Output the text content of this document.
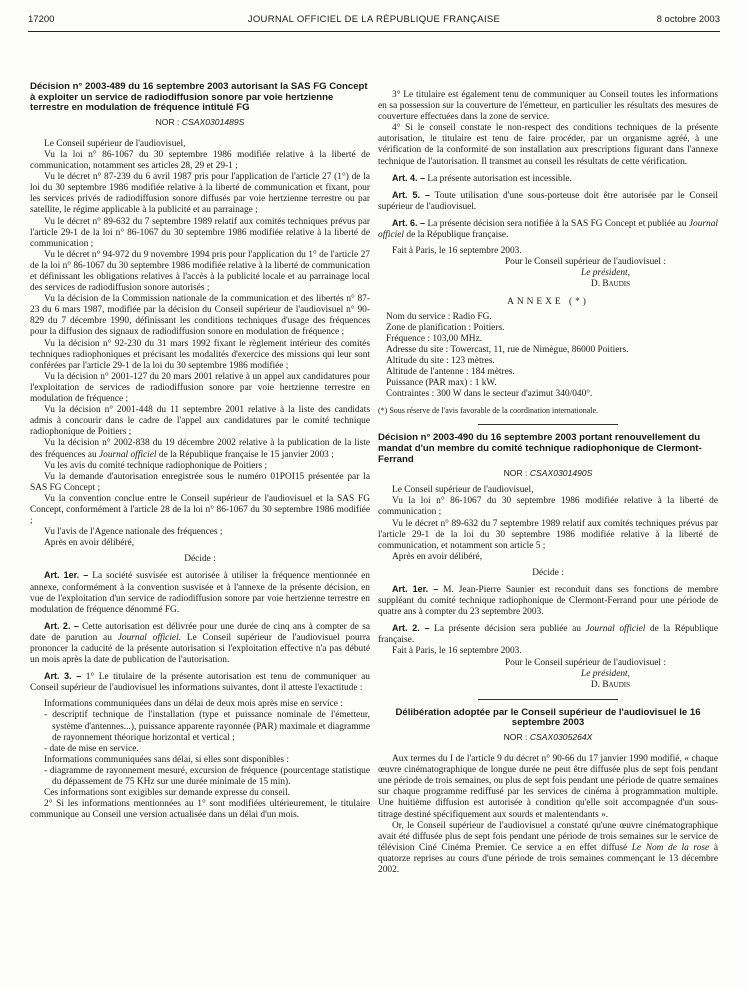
17200	JOURNAL OFFICIEL DE LA RÉPUBLIQUE FRANÇAISE	8 octobre 2003
Décision n° 2003-489 du 16 septembre 2003 autorisant la SAS FG Concept à exploiter un service de radiodiffusion sonore par voie hertzienne terrestre en modulation de fréquence intitulé FG
NOR : CSAX0301489S

Le Conseil supérieur de l'audiovisuel,

Vu la loi n° 86-1067 du 30 septembre 1986 modifiée relative à la liberté de communication, notamment ses articles 28, 29 et 29-1 ;

Vu le décret n° 87-239 du 6 avril 1987 pris pour l'application de l'article 27 (1°) de la loi du 30 septembre 1986 modifiée relative à la liberté de communication et fixant, pour les services privés de radiodiffusion sonore diffusés par voie hertzienne terrestre ou par satellite, le régime applicable à la publicité et au parrainage ;

Vu le décret n° 89-632 du 7 septembre 1989 relatif aux comités techniques prévus par l'article 29-1 de la loi n° 86-1067 du 30 septembre 1986 modifiée relative à la liberté de communication ;

Vu le décret n° 94-972 du 9 novembre 1994 pris pour l'application du 1° de l'article 27 de la loi n° 86-1067 du 30 septembre 1986 modifiée relative à la liberté de communication et définissant les obligations relatives à l'accès à la publicité locale et au parrainage local des services de radiodiffusion sonore autorisés ;

Vu la décision de la Commission nationale de la communication et des libertés n° 87-23 du 6 mars 1987, modifiée par la décision du Conseil supérieur de l'audiovisuel n° 90-829 du 7 décembre 1990, définissant les conditions techniques d'usage des fréquences pour la diffusion des signaux de radiodiffusion sonore en modulation de fréquence ;

Vu la décision n° 92-230 du 31 mars 1992 fixant le règlement intérieur des comités techniques radiophoniques et précisant les modalités d'exercice des missions qui leur sont conférées par l'article 29-1 de la loi du 30 septembre 1986 modifiée ;

Vu la décision n° 2001-127 du 20 mars 2001 relative à un appel aux candidatures pour l'exploitation de services de radiodiffusion sonore par voie hertzienne terrestre en modulation de fréquence ;

Vu la décision n° 2001-448 du 11 septembre 2001 relative à la liste des candidats admis à concourir dans le cadre de l'appel aux candidatures par le comité technique radiophonique de Poitiers ;

Vu la décision n° 2002-838 du 19 décembre 2002 relative à la publication de la liste des fréquences au Journal officiel de la République française le 15 janvier 2003 ;

Vu les avis du comité technique radiophonique de Poitiers ;

Vu la demande d'autorisation enregistrée sous le numéro 01POI15 présentée par la SAS FG Concept ;

Vu la convention conclue entre le Conseil supérieur de l'audiovisuel et la SAS FG Concept, conformément à l'article 28 de la loi n° 86-1067 du 30 septembre 1986 modifiée ;

Vu l'avis de l'Agence nationale des fréquences ;

Après en avoir délibéré,

Décide :

Art. 1er. – La société susvisée est autorisée à utiliser la fréquence mentionnée en annexe, conformément à la convention susvisée et à l'annexe de la présente décision, en vue de l'exploitation d'un service de radiodiffusion sonore par voie hertzienne terrestre en modulation de fréquence dénommé FG.

Art. 2. – Cette autorisation est délivrée pour une durée de cinq ans à compter de sa date de parution au Journal officiel. Le Conseil supérieur de l'audiovisuel pourra prononcer la caducité de la présente autorisation si l'exploitation effective n'a pas débuté un mois après la date de publication de l'autorisation.

Art. 3. – 1° Le titulaire de la présente autorisation est tenu de communiquer au Conseil supérieur de l'audiovisuel les informations suivantes, dont il atteste l'exactitude :

Informations communiquées dans un délai de deux mois après mise en service :

- descriptif technique de l'installation (type et puissance nominale de l'émetteur, système d'antennes...), puissance apparente rayonnée (PAR) maximale et diagramme de rayonnement théorique horizontal et vertical ;
- date de mise en service.

Informations communiquées sans délai, si elles sont disponibles :

- diagramme de rayonnement mesuré, excursion de fréquence (pourcentage statistique du dépassement de 75 KHz sur une durée minimale de 15 min).

Ces informations sont exigibles sur demande expresse du conseil.

2° Si les informations mentionnées au 1° sont modifiées ultérieurement, le titulaire communique au Conseil une version actualisée dans un délai d'un mois.

3° Le titulaire est également tenu de communiquer au Conseil toutes les informations en sa possession sur la couverture de l'émetteur, en particulier les résultats des mesures de couverture effectuées dans la zone de service.

4° Si le conseil constate le non-respect des conditions techniques de la présente autorisation, le titulaire est tenu de faire procéder, par un organisme agréé, à une vérification de la conformité de son installation aux prescriptions figurant dans l'annexe technique de l'autorisation. Il transmet au conseil les résultats de cette vérification.

Art. 4. – La présente autorisation est incessible.

Art. 5. – Toute utilisation d'une sous-porteuse doit être autorisée par le Conseil supérieur de l'audiovisuel.

Art. 6. – La présente décision sera notifiée à la SAS FG Concept et publiée au Journal officiel de la République française.

Fait à Paris, le 16 septembre 2003.

Pour le Conseil supérieur de l'audiovisuel :

Le président,

D. Baudis

ANNEXE (*)
Nom du service : Radio FG.
Zone de planification : Poitiers.
Fréquence : 103,00 MHz.
Adresse du site : Towercast, 11, rue de Nimègue, 86000 Poitiers.
Altitude du site : 123 mètres.
Altitude de l'antenne : 184 mètres.
Puissance (PAR max) : 1 kW.
Contraintes : 300 W dans le secteur d'azimut 340/040°.

(*) Sous réserve de l'avis favorable de la coordination internationale.

Décision n° 2003-490 du 16 septembre 2003 portant renouvellement du mandat d'un membre du comité technique radiophonique de Clermont-Ferrand
NOR : CSAX0301490S

Le Conseil supérieur de l'audiovisuel,

Vu la loi n° 86-1067 du 30 septembre 1986 modifiée relative à la liberté de communication ;

Vu le décret n° 89-632 du 7 septembre 1989 relatif aux comités techniques prévus par l'article 29-1 de la loi du 30 septembre 1986 modifiée relative à la liberté de communication, et notamment son article 5 ;

Après en avoir délibéré,

Décide :

Art. 1er. – M. Jean-Pierre Saunier est reconduit dans ses fonctions de membre suppléant du comité technique radiophonique de Clermont-Ferrand pour une période de quatre ans à compter du 23 septembre 2003.

Art. 2. – La présente décision sera publiée au Journal officiel de la République française.

Fait à Paris, le 16 septembre 2003.

Pour le Conseil supérieur de l'audiovisuel :

Le président,

D. Baudis

Délibération adoptée par le Conseil supérieur de l'audiovisuel le 16 septembre 2003
NOR : CSAX0305264X

Aux termes du I de l'article 9 du décret n° 90-66 du 17 janvier 1990 modifié, « chaque œuvre cinématographique de longue durée ne peut être diffusée plus de sept fois pendant une période de trois semaines, ou plus de sept fois pendant une période de quatre semaines sur chaque programme rediffusé par les services de cinéma à programmation multiple. Une huitième diffusion est autorisée à condition qu'elle soit accompagnée d'un sous-titrage destiné spécifiquement aux sourds et malentendants ».

Or, le Conseil supérieur de l'audiovisuel a constaté qu'une œuvre cinématographique avait été diffusée plus de sept fois pendant une période de trois semaines sur le service de télévision Ciné Cinéma Premier. Ce service a en effet diffusé Le Nom de la rose à quatorze reprises au cours d'une période de trois semaines commençant le 13 décembre 2002.
